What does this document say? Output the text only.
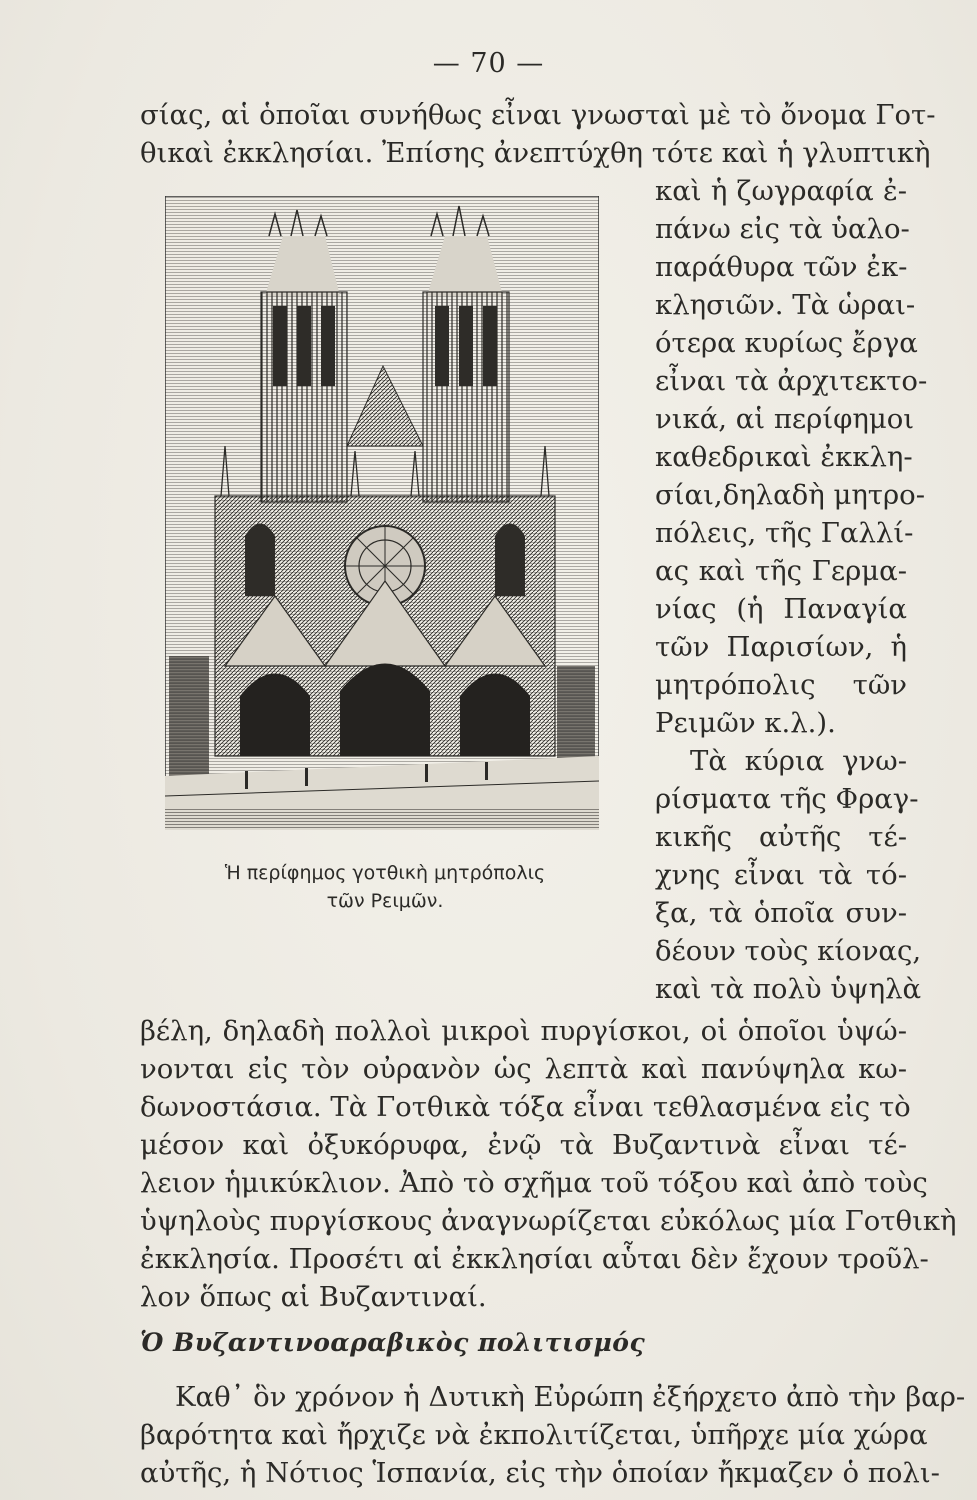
— 70 —
σίας, αἱ ὁποῖαι συνήθως εἶναι γνωσταὶ μὲ τὸ ὄνομα Γοτ-
θικαὶ ἐκκλησίαι. Ἐπίσης ἀνεπτύχθη τότε καὶ ἡ γλυπτικὴ
Ἡ περίφημος γοτθικὴ μητρόπολις
τῶν Ρειμῶν.
καὶ ἡ ζωγραφία ἐ-
πάνω εἰς τὰ ὑαλο-
παράθυρα τῶν ἐκ-
κλησιῶν. Τὰ ὡραι-
ότερα κυρίως ἔργα
εἶναι τὰ ἀρχιτεκτο-
νικά, αἱ περίφημοι
καθεδρικαὶ ἐκκλη-
σίαι,δηλαδὴ μητρο-
πόλεις, τῆς Γαλλί-
ας καὶ τῆς Γερμα-
νίας (ἡ Παναγία
τῶν Παρισίων, ἡ
μητρόπολις τῶν
Ρειμῶν κ.λ.).
Τὰ κύρια γνω-
ρίσματα τῆς Φραγ-
κικῆς αὐτῆς τέ-
χνης εἶναι τὰ τό-
ξα, τὰ ὁποῖα συν-
δέουν τοὺς κίονας,
καὶ τὰ πολὺ ὑψηλὰ
βέλη, δηλαδὴ πολλοὶ μικροὶ πυργίσκοι, οἱ ὁποῖοι ὑψώ-
νονται εἰς τὸν οὐρανὸν ὡς λεπτὰ καὶ πανύψηλα κω-
δωνοστάσια. Τὰ Γοτθικὰ τόξα εἶναι τεθλασμένα εἰς τὸ
μέσον καὶ ὀξυκόρυφα, ἐνῷ τὰ Βυζαντινὰ εἶναι τέ-
λειον ἡμικύκλιον. Ἀπὸ τὸ σχῆμα τοῦ τόξου καὶ ἀπὸ τοὺς
ὑψηλοὺς πυργίσκους ἀναγνωρίζεται εὐκόλως μία Γοτθικὴ
ἐκκλησία. Προσέτι αἱ ἐκκλησίαι αὗται δὲν ἔχουν τροῦλ-
λον ὅπως αἱ Βυζαντιναί.
Ὁ Βυζαντινοαραβικὸς πολιτισμός
Καθ᾽ ὃν χρόνον ἡ Δυτικὴ Εὐρώπη ἐξήρχετο ἀπὸ τὴν βαρ-
βαρότητα καὶ ἤρχιζε νὰ ἐκπολιτίζεται, ὑπῆρχε μία χώρα
αὐτῆς, ἡ Νότιος Ἱσπανία, εἰς τὴν ὁποίαν ἤκμαζεν ὁ πολι-
